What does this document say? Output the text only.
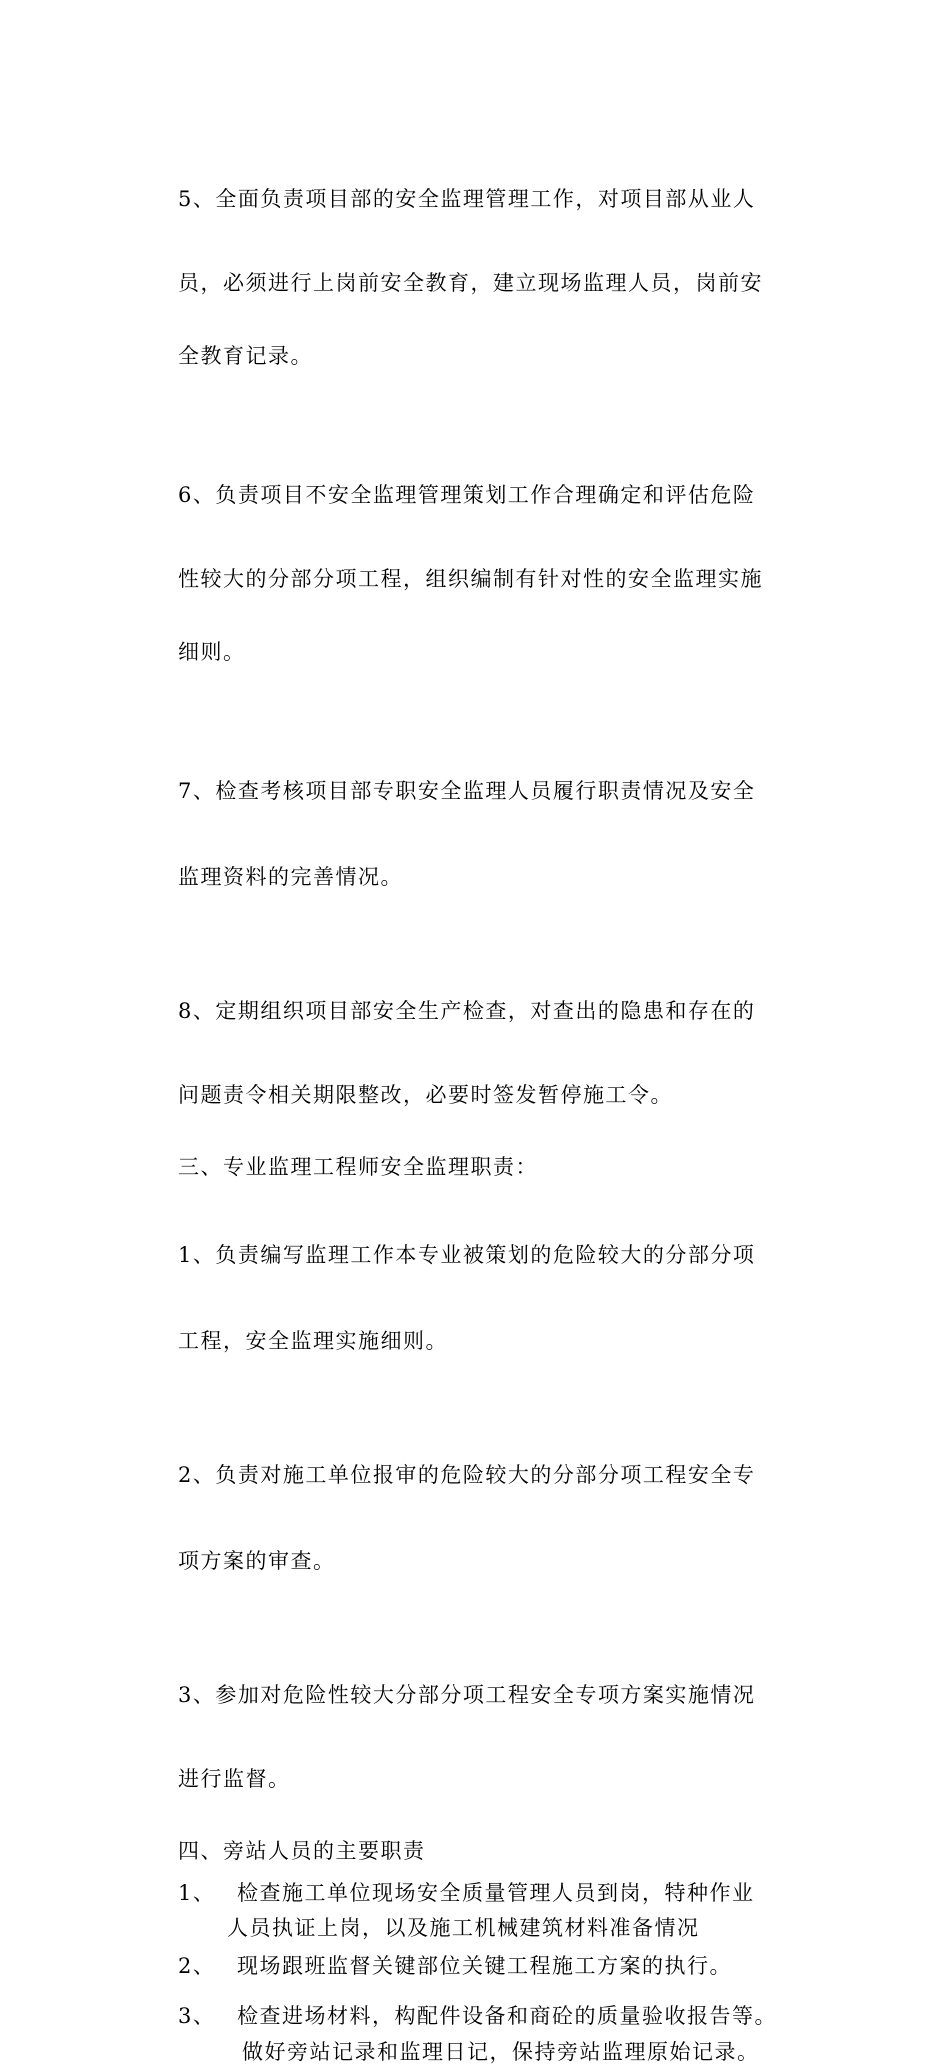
5、全面负责项目部的安全监理管理工作，对项目部从业人

员，必须进行上岗前安全教育，建立现场监理人员，岗前安

全教育记录。

6、负责项目不安全监理管理策划工作合理确定和评估危险

性较大的分部分项工程，组织编制有针对性的安全监理实施

细则。

7、检查考核项目部专职安全监理人员履行职责情况及安全

监理资料的完善情况。

8、定期组织项目部安全生产检查，对查出的隐患和存在的

问题责令相关期限整改，必要时签发暂停施工令。

三、专业监理工程师安全监理职责：

1、负责编写监理工作本专业被策划的危险较大的分部分项

工程，安全监理实施细则。

2、负责对施工单位报审的危险较大的分部分项工程安全专

项方案的审查。

3、参加对危险性较大分部分项工程安全专项方案实施情况

进行监督。

四、旁站人员的主要职责
1、	检查施工单位现场安全质量管理人员到岗，特种作业
人员执证上岗，以及施工机械建筑材料准备情况
2、	现场跟班监督关键部位关键工程施工方案的执行。
3、	检查进场材料，构配件设备和商砼的质量验收报告等。
做好旁站记录和监理日记，保持旁站监理原始记录。
